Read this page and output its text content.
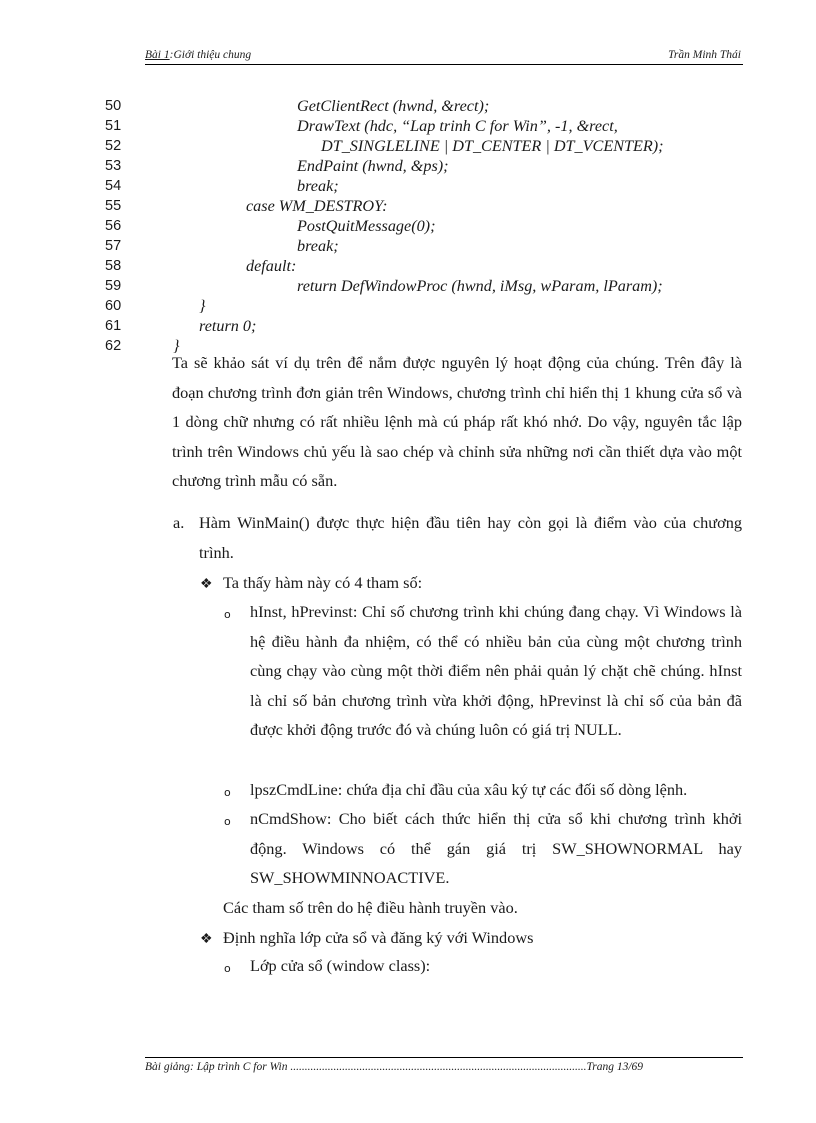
Bài 1:Giới thiệu chung	Trần Minh Thái
50	GetClientRect (hwnd, &rect);
51	DrawText (hdc, “Lap trinh C for Win”, -1, &rect,
52	DT_SINGLELINE | DT_CENTER | DT_VCENTER);
53	EndPaint (hwnd, &ps);
54	break;
55	case WM_DESTROY:
56	PostQuitMessage(0);
57	break;
58	default:
59	return DefWindowProc (hwnd, iMsg, wParam, lParam);
60	}
61	return 0;
62	}

Ta sẽ khảo sát ví dụ trên để nắm được nguyên lý hoạt động của chúng. Trên đây là đoạn chương trình đơn giản trên Windows, chương trình chỉ hiển thị 1 khung cửa sổ và 1 dòng chữ nhưng có rất nhiều lệnh mà cú pháp rất khó nhớ. Do vậy, nguyên tắc lập trình trên Windows chủ yếu là sao chép và chỉnh sửa những nơi cần thiết dựa vào một chương trình mẫu có sẵn.

a. Hàm WinMain() được thực hiện đầu tiên hay còn gọi là điểm vào của chương trình.
❖ Ta thấy hàm này có 4 tham số:
o hInst, hPrevinst: Chỉ số chương trình khi chúng đang chạy. Vì Windows là hệ điều hành đa nhiệm, có thể có nhiều bản của cùng một chương trình cùng chạy vào cùng một thời điểm nên phải quản lý chặt chẽ chúng. hInst là chỉ số bản chương trình vừa khởi động, hPrevinst là chỉ số của bản đã được khởi động trước đó và chúng luôn có giá trị NULL.
o lpszCmdLine: chứa địa chỉ đầu của xâu ký tự các đối số dòng lệnh.
o nCmdShow: Cho biết cách thức hiển thị cửa sổ khi chương trình khởi động. Windows có thể gán giá trị SW_SHOWNORMAL hay SW_SHOWMINNOACTIVE.
Các tham số trên do hệ điều hành truyền vào.
❖ Định nghĩa lớp cửa sổ và đăng ký với Windows
o Lớp cửa sổ (window class):
Bài giảng: Lập trình C for Win .......................................................................................................Trang 13/69
